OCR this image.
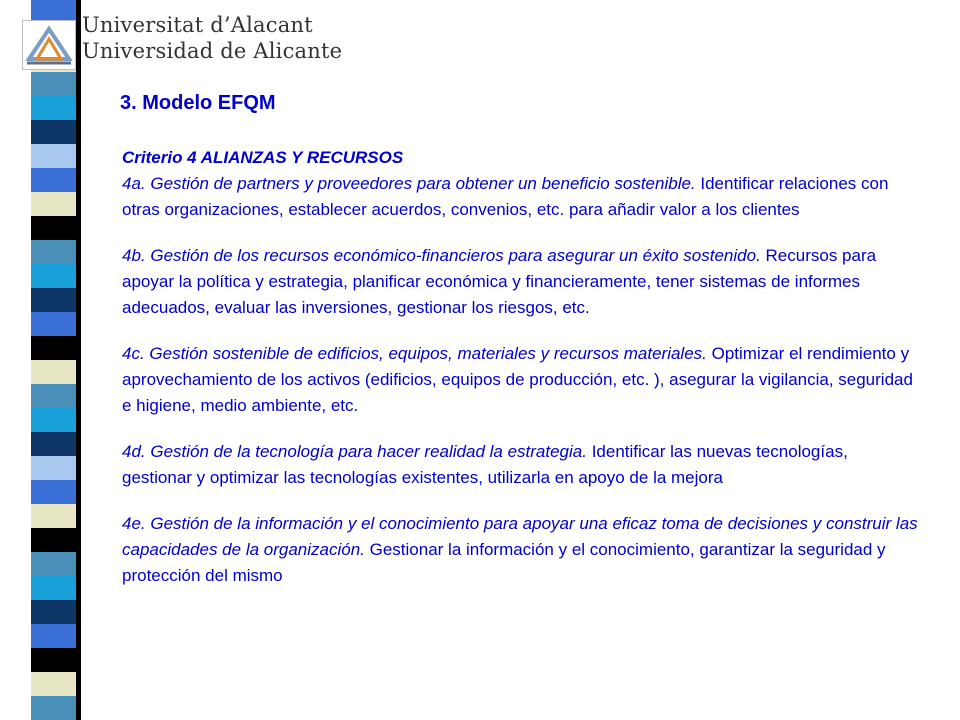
Universitat d’Alacant
Universidad de Alicante
3. Modelo EFQM

Criterio 4 ALIANZAS Y RECURSOS
4a. Gestión de partners y proveedores para obtener un beneficio sostenible. Identificar relaciones con otras organizaciones, establecer acuerdos, convenios, etc. para añadir valor a los clientes

4b. Gestión de los recursos económico-financieros para asegurar un éxito sostenido. Recursos para apoyar la política y estrategia, planificar económica y financieramente, tener sistemas de informes adecuados, evaluar las inversiones, gestionar los riesgos, etc.

4c. Gestión sostenible de edificios, equipos, materiales y recursos materiales. Optimizar el rendimiento y aprovechamiento de los activos (edificios, equipos de producción, etc. ), asegurar la vigilancia, seguridad e higiene, medio ambiente, etc.

4d. Gestión de la tecnología para hacer realidad la estrategia. Identificar las nuevas tecnologías, gestionar y optimizar las tecnologías existentes, utilizarla en apoyo de la mejora

4e. Gestión de la información y el conocimiento para apoyar una eficaz toma de decisiones y construir las capacidades de la organización. Gestionar la información y el conocimiento, garantizar la seguridad y protección del mismo
